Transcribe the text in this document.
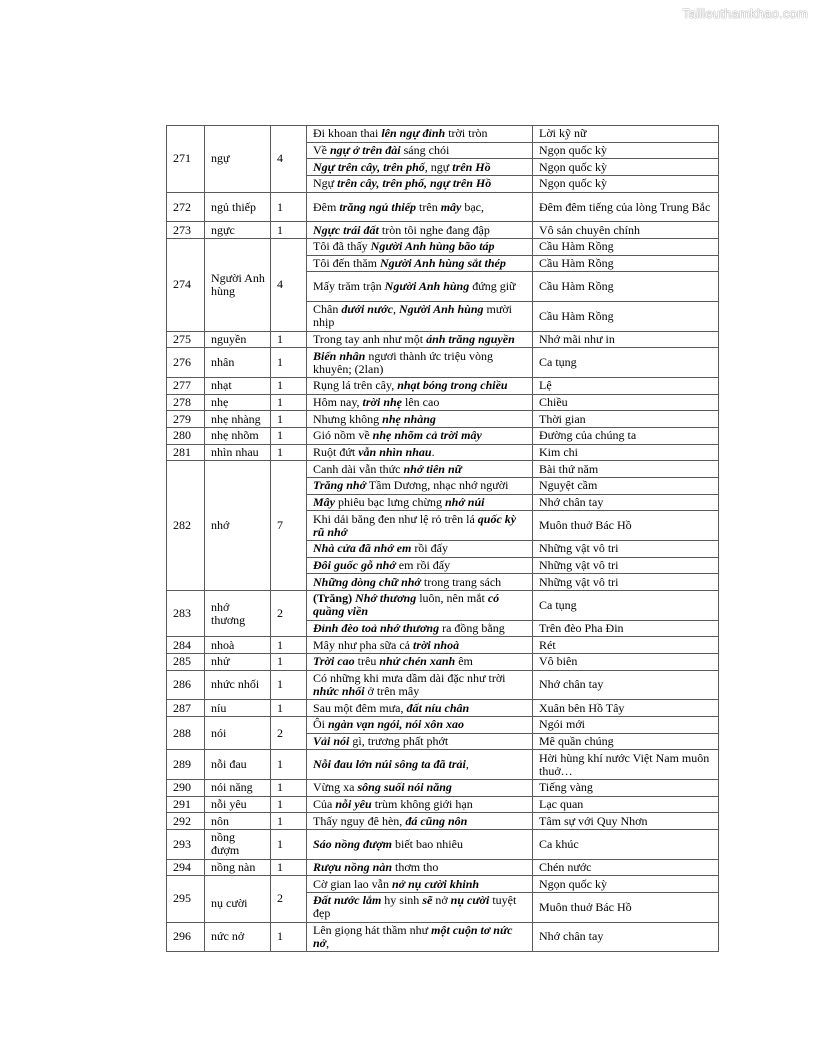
Tailieuthamkhao.com
271	ngự	4	Đi khoan thai lên ngự đỉnh trời tròn	Lời kỹ nữ
			Về ngự ở trên đài sáng chói	Ngọn quốc kỳ
			Ngự trên cây, trên phố, ngự trên Hồ	Ngọn quốc kỳ
			Ngự trên cây, trên phố, ngự trên Hồ	Ngọn quốc kỳ
272	ngủ thiếp	1	Đêm trăng ngủ thiếp trên mây bạc,	Đêm đêm tiếng của lòng Trung Bắc
273	ngực	1	Ngực trái đất tròn tôi nghe đang đập	Vô sản chuyên chính
274	Người Anh hùng	4	Tôi đã thấy Người Anh hùng bão táp	Cầu Hàm Rồng
			Tôi đến thăm Người Anh hùng sắt thép	Cầu Hàm Rồng
			Mấy trăm trận Người Anh hùng đứng giữ	Cầu Hàm Rồng
			Chân dưới nước, Người Anh hùng mười nhịp	Cầu Hàm Rồng
275	nguyền	1	Trong tay anh như một ánh trăng nguyền	Nhớ mãi như in
276	nhân	1	Biển nhân ngươi thành ức triệu vòng khuyên; (2lan)	Ca tụng
277	nhạt	1	Rụng lá trên cây, nhạt bóng trong chiều	Lệ
278	nhẹ	1	Hôm nay, trời nhẹ lên cao	Chiều
279	nhẹ nhàng	1	Nhưng không nhẹ nhàng	Thời gian
280	nhẹ nhõm	1	Gió nồm về nhẹ nhõm cả trời mây	Đường của chúng ta
281	nhìn nhau	1	Ruột đứt vẫn nhìn nhau.	Kim chi
282	nhớ	7	Canh dài vẫn thức nhớ tiên nữ	Bài thứ năm
			Trăng nhớ Tầm Dương, nhạc nhớ người	Nguyệt cầm
			Mây phiêu bạc lưng chừng nhớ núi	Nhớ chân tay
			Khi dải băng đen như lệ rỏ trên lá quốc kỳ rũ nhớ	Muôn thuở Bác Hồ
			Nhà cửa đã nhớ em rồi đấy	Những vật vô tri
			Đôi guốc gỗ nhớ em rồi đấy	Những vật vô tri
			Những dòng chữ nhớ trong trang sách	Những vật vô tri
283	nhớ thương	2	(Trăng) Nhớ thương luôn, nên mắt có quầng viền	Ca tụng
			Đỉnh đèo toả nhớ thương ra đồng bằng	Trên đèo Pha Đin
284	nhoà	1	Mây như pha sữa cả trời nhoà	Rét
285	nhử	1	Trời cao trêu nhử chén xanh êm	Vô biên
286	nhức nhối	1	Có những khi mưa dầm dài đặc như trời nhức nhối ở trên mây	Nhớ chân tay
287	níu	1	Sau một đêm mưa, đất níu chân	Xuân bên Hồ Tây
288	nói	2	Ôi ngàn vạn ngói, nói xôn xao	Ngói mới
			Vải nói gì, trương phất phớt	Mê quần chúng
289	nỗi đau	1	Nỗi đau lớn núi sông ta đã trải,	Hời hùng khí nước Việt Nam muôn thuở…
290	nói năng	1	Vừng xa sông suối nói năng	Tiếng vàng
291	nỗi yêu	1	Của nỗi yêu trùm không giới hạn	Lạc quan
292	nôn	1	Thấy nguy đê hèn, đá cũng nôn	Tâm sự với Quy Nhơn
293	nồng đượm	1	Sáo nồng đượm biết bao nhiêu	Ca khúc
294	nồng nàn	1	Rượu nồng nàn thơm tho	Chén nước
295	nụ cười	2	Cờ gian lao vẫn nở nụ cười khinh	Ngọn quốc kỳ
			Đất nước lắm hy sinh sẽ nở nụ cười tuyệt đẹp	Muôn thuở Bác Hồ
296	nức nở	1	Lên giọng hát thầm như một cuộn tơ nức nở,	Nhớ chân tay
